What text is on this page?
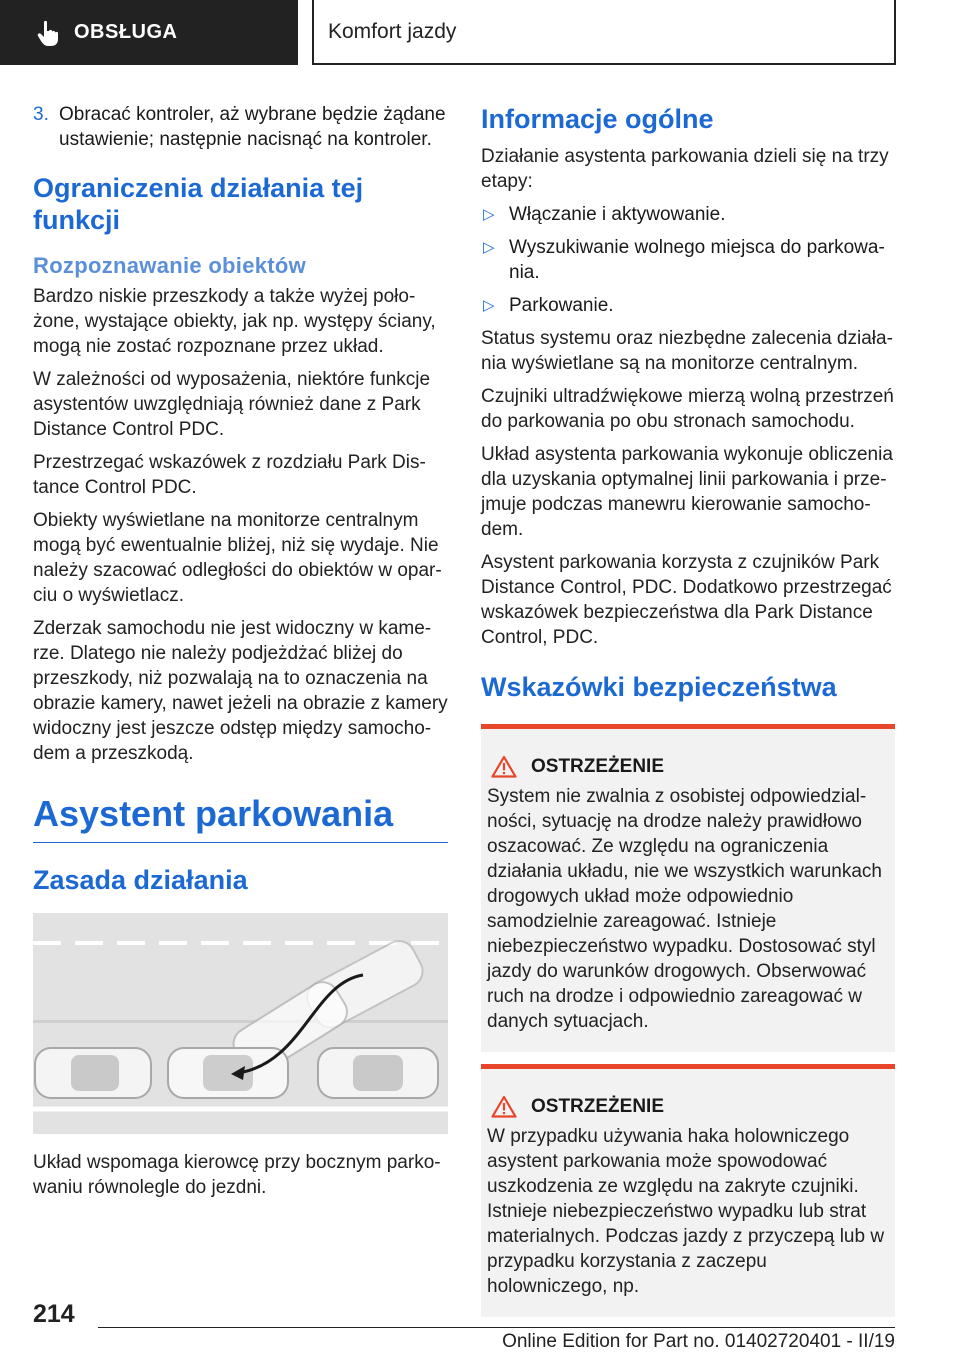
OBSŁUGA	Komfort jazdy
3. Obracać kontroler, aż wybrane będzie żądane ustawienie; następnie nacisnąć na kontroler.
Ograniczenia działania tej funkcji
Rozpoznawanie obiektów

Bardzo niskie przeszkody a także wyżej położone, wystające obiekty, jak np. występy ściany, mogą nie zostać rozpoznane przez układ.

W zależności od wyposażenia, niektóre funkcje asystentów uwzględniają również dane z Park Distance Control PDC.

Przestrzegać wskazówek z rozdziału Park Distance Control PDC.

Obiekty wyświetlane na monitorze centralnym mogą być ewentualnie bliżej, niż się wydaje. Nie należy szacować odległości do obiektów w oparciu o wyświetlacz.

Zderzak samochodu nie jest widoczny w kamerze. Dlatego nie należy podjeżdżać bliżej do przeszkody, niż pozwalają na to oznaczenia na obrazie kamery, nawet jeżeli na obrazie z kamery widoczny jest jeszcze odstęp między samochodem a przeszkodą.

Asystent parkowania
Zasada działania

Układ wspomaga kierowcę przy bocznym parkowaniu równolegle do jezdni.

Informacje ogólne

Działanie asystenta parkowania dzieli się na trzy etapy:

▷ Włączanie i aktywowanie.
▷ Wyszukiwanie wolnego miejsca do parkowania.
▷ Parkowanie.

Status systemu oraz niezbędne zalecenia działania wyświetlane są na monitorze centralnym.

Czujniki ultradźwiękowe mierzą wolną przestrzeń do parkowania po obu stronach samochodu.

Układ asystenta parkowania wykonuje obliczenia dla uzyskania optymalnej linii parkowania i przejmuje podczas manewru kierowanie samochodem.

Asystent parkowania korzysta z czujników Park Distance Control, PDC. Dodatkowo przestrzegać wskazówek bezpieczeństwa dla Park Distance Control, PDC.

Wskazówki bezpieczeństwa
OSTRZEŻENIE

System nie zwalnia z osobistej odpowiedzialności, sytuację na drodze należy prawidłowo oszacować. Ze względu na ograniczenia działania układu, nie we wszystkich warunkach drogowych układ może odpowiednio samodzielnie zareagować. Istnieje niebezpieczeństwo wypadku. Dostosować styl jazdy do warunków drogowych. Obserwować ruch na drodze i odpowiednio zareagować w danych sytuacjach.

OSTRZEŻENIE

W przypadku używania haka holowniczego asystent parkowania może spowodować uszkodzenia ze względu na zakryte czujniki. Istnieje niebezpieczeństwo wypadku lub strat materialnych. Podczas jazdy z przyczepą lub w przypadku korzystania z zaczepu holowniczego, np.

214
Online Edition for Part no. 01402720401 - II/19
